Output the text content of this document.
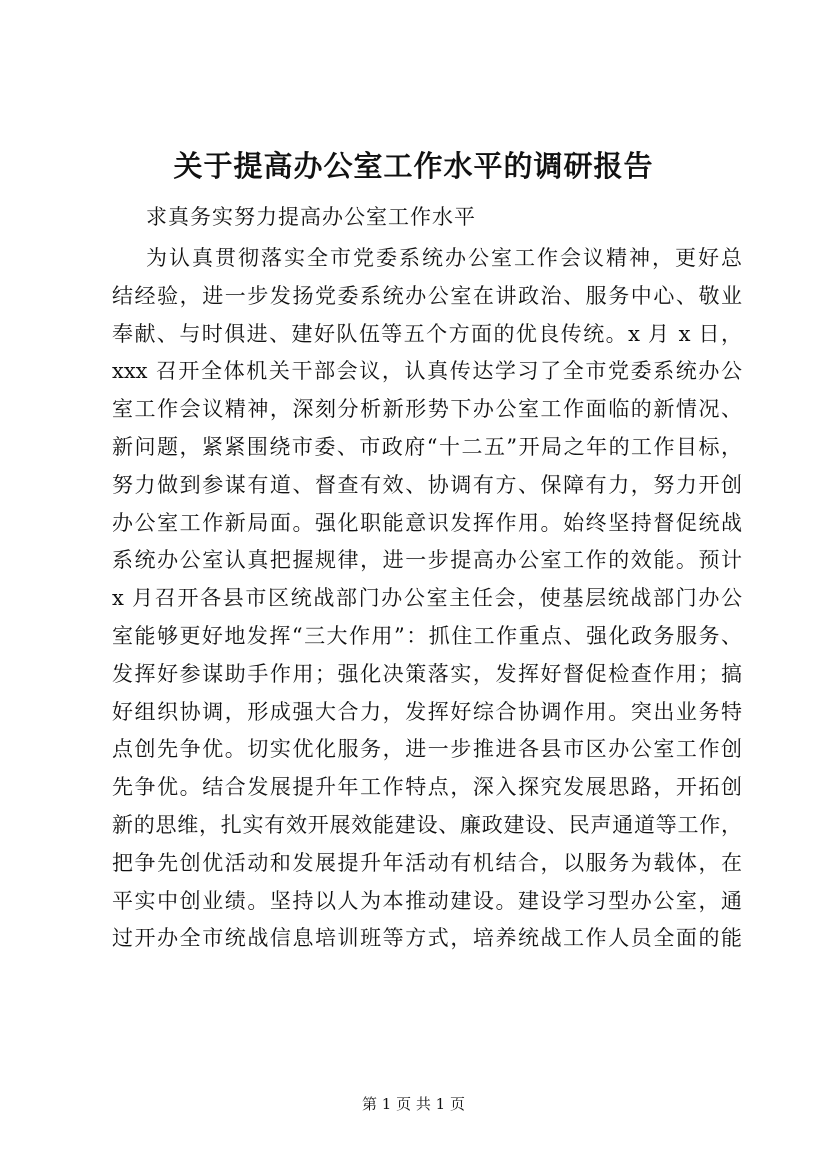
关于提高办公室工作水平的调研报告
求真务实努力提高办公室工作水平
为认真贯彻落实全市党委系统办公室工作会议精神，更好总
结经验，进一步发扬党委系统办公室在讲政治、服务中心、敬业
奉献、与时俱进、建好队伍等五个方面的优良传统。x 月 x 日，
xxx 召开全体机关干部会议，认真传达学习了全市党委系统办公
室工作会议精神，深刻分析新形势下办公室工作面临的新情况、
新问题，紧紧围绕市委、市政府“十二五”开局之年的工作目标，
努力做到参谋有道、督查有效、协调有方、保障有力，努力开创
办公室工作新局面。强化职能意识发挥作用。始终坚持督促统战
系统办公室认真把握规律，进一步提高办公室工作的效能。预计
x 月召开各县市区统战部门办公室主任会，使基层统战部门办公
室能够更好地发挥“三大作用”：抓住工作重点、强化政务服务、
发挥好参谋助手作用；强化决策落实，发挥好督促检查作用；搞
好组织协调，形成强大合力，发挥好综合协调作用。突出业务特
点创先争优。切实优化服务，进一步推进各县市区办公室工作创
先争优。结合发展提升年工作特点，深入探究发展思路，开拓创
新的思维，扎实有效开展效能建设、廉政建设、民声通道等工作，
把争先创优活动和发展提升年活动有机结合，以服务为载体，在
平实中创业绩。坚持以人为本推动建设。建设学习型办公室，通
过开办全市统战信息培训班等方式，培养统战工作人员全面的能
第 1 页 共 1 页
